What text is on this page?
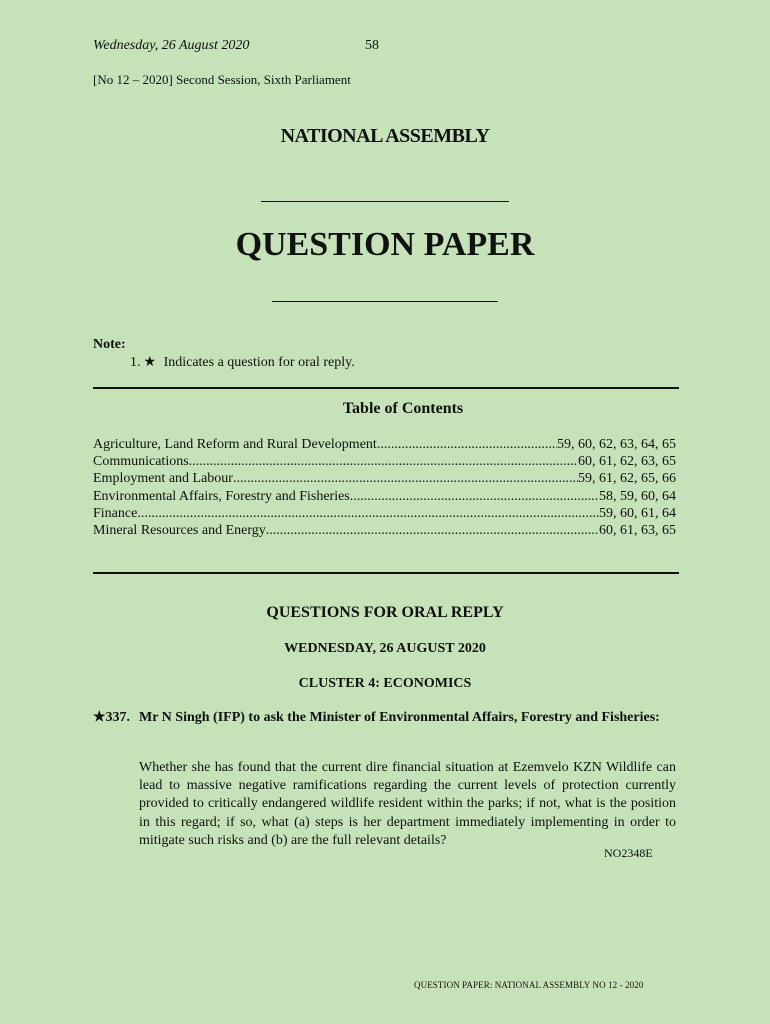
Wednesday, 26 August 2020	58
[No 12 – 2020] Second Session, Sixth Parliament
NATIONAL ASSEMBLY
QUESTION PAPER
Note:
1. ★ Indicates a question for oral reply.
Table of Contents
Agriculture, Land Reform and Rural Development .....	59, 60, 62, 63, 64, 65
Communications .....	60, 61, 62, 63, 65
Employment and Labour .....	59, 61, 62, 65, 66
Environmental Affairs, Forestry and Fisheries .....	58, 59, 60, 64
Finance .....	59, 60, 61, 64
Mineral Resources and Energy .....	60, 61, 63, 65
QUESTIONS FOR ORAL REPLY
WEDNESDAY, 26 AUGUST 2020
CLUSTER 4: ECONOMICS
★337. Mr N Singh (IFP) to ask the Minister of Environmental Affairs, Forestry and Fisheries:
Whether she has found that the current dire financial situation at Ezemvelo KZN Wildlife can lead to massive negative ramifications regarding the current levels of protection currently provided to critically endangered wildlife resident within the parks; if not, what is the position in this regard; if so, what (a) steps is her department immediately implementing in order to mitigate such risks and (b) are the full relevant details?
NO2348E
QUESTION PAPER: NATIONAL ASSEMBLY NO 12 - 2020
